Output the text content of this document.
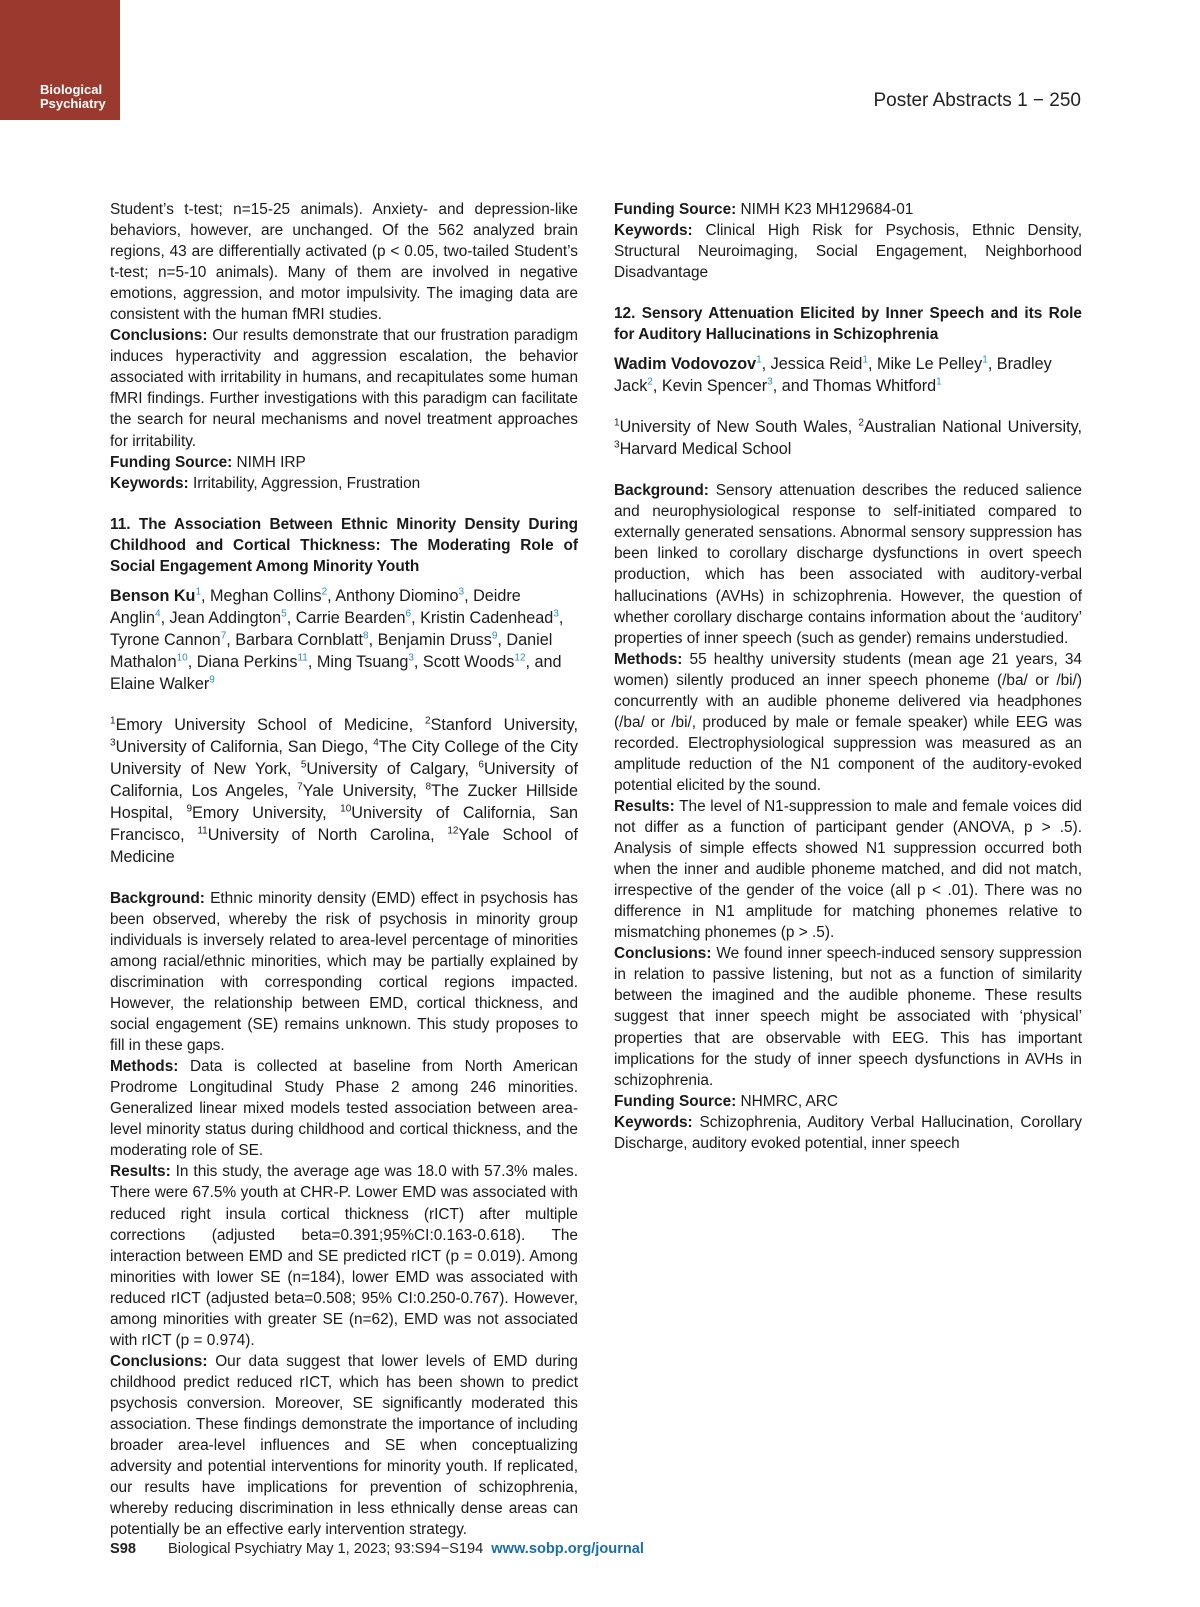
Biological
Psychiatry	Poster Abstracts 1 − 250

Student’s t-test; n=15-25 animals). Anxiety- and depression-like behaviors, however, are unchanged. Of the 562 analyzed brain regions, 43 are differentially activated (p < 0.05, two-tailed Student’s t-test; n=5-10 animals). Many of them are involved in negative emotions, aggression, and motor impulsivity. The imaging data are consistent with the human fMRI studies.

Conclusions: Our results demonstrate that our frustration paradigm induces hyperactivity and aggression escalation, the behavior associated with irritability in humans, and recapitulates some human fMRI findings. Further investigations with this paradigm can facilitate the search for neural mechanisms and novel treatment approaches for irritability.

Funding Source: NIMH IRP

Keywords: Irritability, Aggression, Frustration

11. The Association Between Ethnic Minority Density During Childhood and Cortical Thickness: The Moderating Role of Social Engagement Among Minority Youth

Benson Ku$^1$, Meghan Collins$^2$, Anthony Diomino$^3$, Deidre Anglin$^4$, Jean Addington$^5$, Carrie Bearden$^6$, Kristin Cadenhead$^3$, Tyrone Cannon$^7$, Barbara Cornblatt$^8$, Benjamin Druss$^9$, Daniel Mathalon$^{10}$, Diana Perkins$^{11}$, Ming Tsuang$^3$, Scott Woods$^{12}$, and Elaine Walker$^9$

$^1$Emory University School of Medicine, $^2$Stanford University, $^3$University of California, San Diego, $^4$The City College of the City University of New York, $^5$University of Calgary, $^6$University of California, Los Angeles, $^7$Yale University, $^8$The Zucker Hillside Hospital, $^9$Emory University, $^{10}$University of California, San Francisco, $^{11}$University of North Carolina, $^{12}$Yale School of Medicine

Background: Ethnic minority density (EMD) effect in psychosis has been observed, whereby the risk of psychosis in minority group individuals is inversely related to area-level percentage of minorities among racial/ethnic minorities, which may be partially explained by discrimination with corresponding cortical regions impacted. However, the relationship between EMD, cortical thickness, and social engagement (SE) remains unknown. This study proposes to fill in these gaps.

Methods: Data is collected at baseline from North American Prodrome Longitudinal Study Phase 2 among 246 minorities. Generalized linear mixed models tested association between area-level minority status during childhood and cortical thickness, and the moderating role of SE.

Results: In this study, the average age was 18.0 with 57.3% males. There were 67.5% youth at CHR-P. Lower EMD was associated with reduced right insula cortical thickness (rICT) after multiple corrections (adjusted beta=0.391;95%CI:0.163-0.618). The interaction between EMD and SE predicted rICT (p = 0.019). Among minorities with lower SE (n=184), lower EMD was associated with reduced rICT (adjusted beta=0.508; 95% CI:0.250-0.767). However, among minorities with greater SE (n=62), EMD was not associated with rICT (p = 0.974).

Conclusions: Our data suggest that lower levels of EMD during childhood predict reduced rICT, which has been shown to predict psychosis conversion. Moreover, SE significantly moderated this association. These findings demonstrate the importance of including broader area-level influences and SE when conceptualizing adversity and potential interventions for minority youth. If replicated, our results have implications for prevention of schizophrenia, whereby reducing discrimination in less ethnically dense areas can potentially be an effective early intervention strategy.

Funding Source: NIMH K23 MH129684-01

Keywords: Clinical High Risk for Psychosis, Ethnic Density, Structural Neuroimaging, Social Engagement, Neighborhood Disadvantage

12. Sensory Attenuation Elicited by Inner Speech and its Role for Auditory Hallucinations in Schizophrenia

Wadim Vodovozov$^1$, Jessica Reid$^1$, Mike Le Pelley$^1$, Bradley Jack$^2$, Kevin Spencer$^3$, and Thomas Whitford$^1$

$^1$University of New South Wales, $^2$Australian National University, $^3$Harvard Medical School

Background: Sensory attenuation describes the reduced salience and neurophysiological response to self-initiated compared to externally generated sensations. Abnormal sensory suppression has been linked to corollary discharge dysfunctions in overt speech production, which has been associated with auditory-verbal hallucinations (AVHs) in schizophrenia. However, the question of whether corollary discharge contains information about the ‘auditory’ properties of inner speech (such as gender) remains understudied.

Methods: 55 healthy university students (mean age 21 years, 34 women) silently produced an inner speech phoneme (/ba/ or /bi/) concurrently with an audible phoneme delivered via headphones (/ba/ or /bi/, produced by male or female speaker) while EEG was recorded. Electrophysiological suppression was measured as an amplitude reduction of the N1 component of the auditory-evoked potential elicited by the sound.

Results: The level of N1-suppression to male and female voices did not differ as a function of participant gender (ANOVA, p > .5). Analysis of simple effects showed N1 suppression occurred both when the inner and audible phoneme matched, and did not match, irrespective of the gender of the voice (all p < .01). There was no difference in N1 amplitude for matching phonemes relative to mismatching phonemes (p > .5).

Conclusions: We found inner speech-induced sensory suppression in relation to passive listening, but not as a function of similarity between the imagined and the audible phoneme. These results suggest that inner speech might be associated with ‘physical’ properties that are observable with EEG. This has important implications for the study of inner speech dysfunctions in AVHs in schizophrenia.

Funding Source: NHMRC, ARC

Keywords: Schizophrenia, Auditory Verbal Hallucination, Corollary Discharge, auditory evoked potential, inner speech

S98 Biological Psychiatry May 1, 2023; 93:S94−S194 www.sobp.org/journal
